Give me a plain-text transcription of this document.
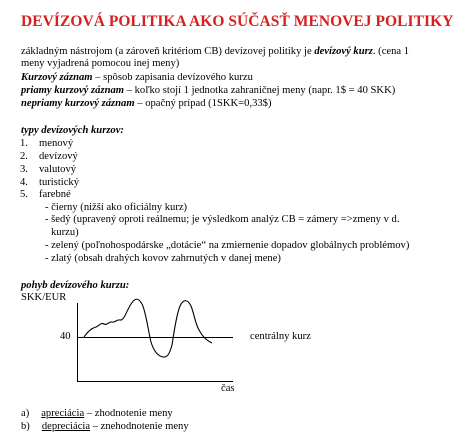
DEVÍZOVÁ POLITIKA AKO SÚČASŤ MENOVEJ POLITIKY
základným nástrojom (a zároveň kritériom CB) devízovej politiky je devízový kurz. (cena 1
meny vyjadrená pomocou inej meny)
Kurzový záznam – spôsob zapisania devízového kurzu
priamy kurzový záznam – koľko stojí 1 jednotka zahraničnej meny (napr. 1$ = 40 SKK)
nepriamy kurzový záznam – opačný prípad (1SKK=0,33$)
typy devízových kurzov:
1. menový
2. devízový
3. valutový
4. turistický
5. farebné
- čierny (nižší ako oficiálny kurz)
- šedý (upravený oproti reálnemu; je výsledkom analýz CB = zámery =>zmeny v d.
kurzu)
- zelený (poľnohospodárske „dotácie“ na zmiernenie dopadov globálnych problémov)
- zlatý (obsah drahých kovov zahrnutých v danej mene)
pohyb devízového kurzu:
SKK/EUR
40	centrálny kurz
čas
a) apreciácia – zhodnotenie meny
b) depreciácia – znehodnotenie meny
